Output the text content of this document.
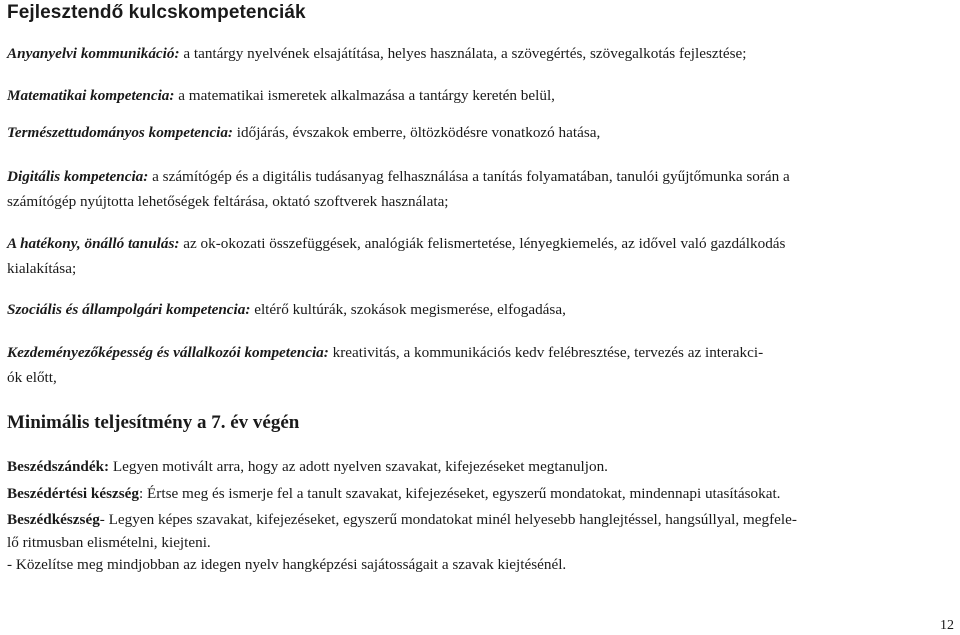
Fejlesztendő kulcskompetenciák
Anyanyelvi kommunikáció: a tantárgy nyelvének elsajátítása, helyes használata, a szövegértés, szövegalkotás fejlesztése;
Matematikai kompetencia: a matematikai ismeretek alkalmazása a tantárgy keretén belül,
Természettudományos kompetencia: időjárás, évszakok emberre, öltözködésre vonatkozó hatása,
Digitális kompetencia: a számítógép és a digitális tudásanyag felhasználása a tanítás folyamatában, tanulói gyűjtőmunka során a
számítógép nyújtotta lehetőségek feltárása, oktató szoftverek használata;
A hatékony, önálló tanulás: az ok-okozati összefüggések, analógiák felismertetése, lényegkiemelés, az idővel való gazdálkodás
kialakítása;
Szociális és állampolgári kompetencia: eltérő kultúrák, szokások megismerése, elfogadása,
Kezdeményezőképesség és vállalkozói kompetencia: kreativitás, a kommunikációs kedv felébresztése, tervezés az interakci-
ók előtt,
Minimális teljesítmény a 7. év végén
Beszédszándék: Legyen motivált arra, hogy az adott nyelven szavakat, kifejezéseket megtanuljon.
Beszédértési készség: Értse meg és ismerje fel a tanult szavakat, kifejezéseket, egyszerű mondatokat, mindennapi utasításokat.
Beszédkészség- Legyen képes szavakat, kifejezéseket, egyszerű mondatokat minél helyesebb hanglejtéssel, hangsúllyal, megfele-
lő ritmusban elismételni, kiejteni.
- Közelítse meg mindjobban az idegen nyelv hangképzési sajátosságait a szavak kiejtésénél.
12
